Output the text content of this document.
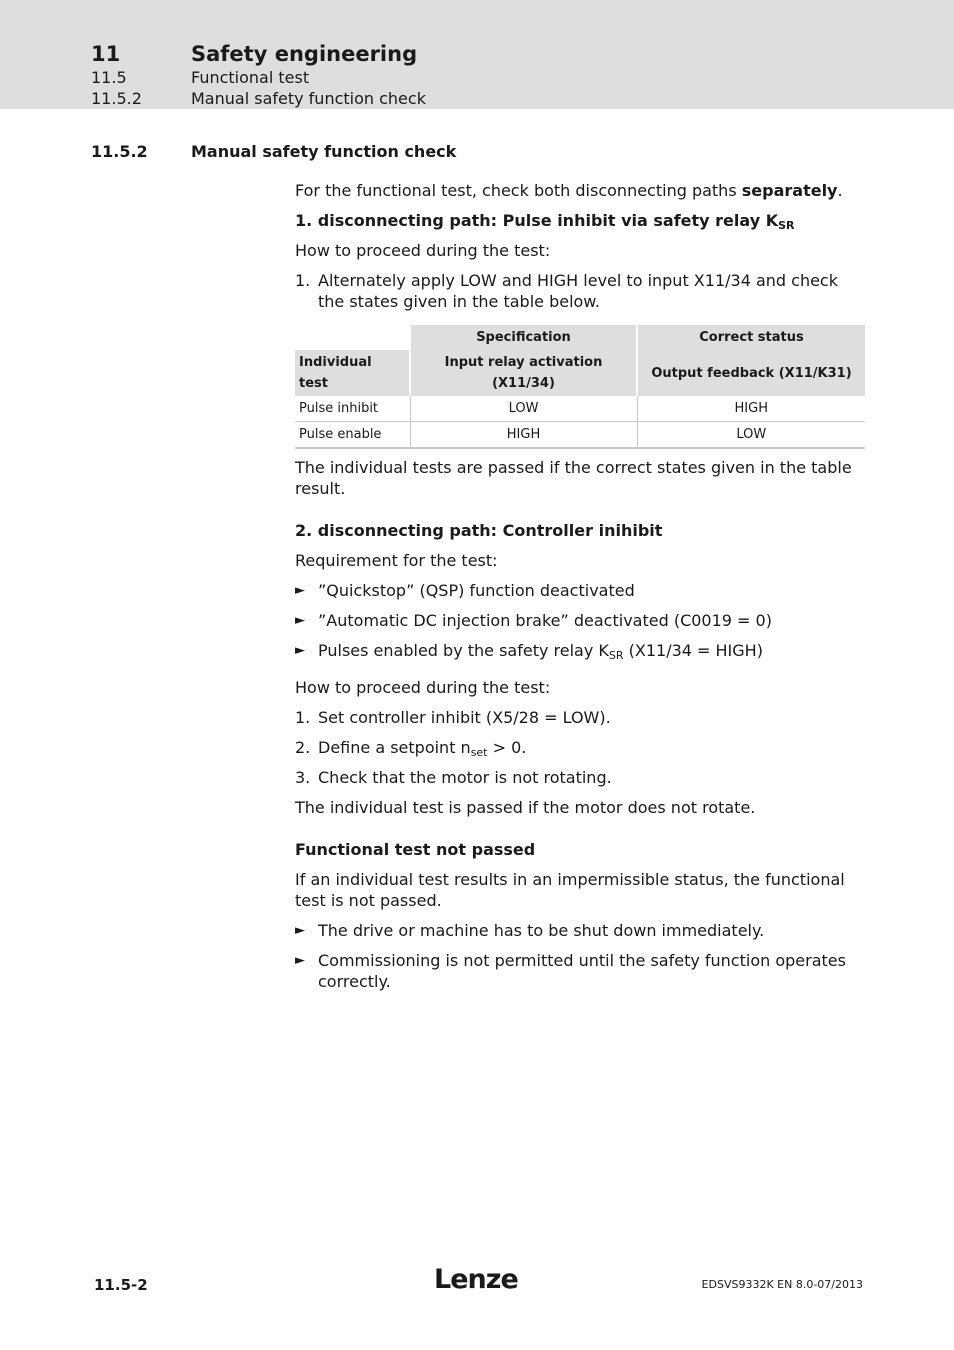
11	Safety engineering
11.5	Functional test
11.5.2	Manual safety function check
11.5.2	Manual safety function check

For the functional test, check both disconnecting paths separately.

1. disconnecting path: Pulse inhibit via safety relay $K_{SR}$

How to proceed during the test:

1. Alternately apply LOW and HIGH level to input X11/34 and check the states given in the table below.
	Specification	Correct status
Individual test	Input relay activation (X11/34)	Output feedback (X11/K31)
Pulse inhibit	LOW	HIGH
Pulse enable	HIGH	LOW

The individual tests are passed if the correct states given in the table result.

2. disconnecting path: Controller inihibit

Requirement for the test:

► ”Quickstop” (QSP) function deactivated
► ”Automatic DC injection brake” deactivated (C0019 = 0)
► Pulses enabled by the safety relay $K_{SR}$ (X11/34 = HIGH)

How to proceed during the test:

1. Set controller inhibit (X5/28 = LOW).
2. Define a setpoint $n_{set} > 0$.
3. Check that the motor is not rotating.

The individual test is passed if the motor does not rotate.

Functional test not passed

If an individual test results in an impermissible status, the functional test is not passed.

► The drive or machine has to be shut down immediately.
► Commissioning is not permitted until the safety function operates correctly.
11.5-2	Lenze	EDSVS9332K EN 8.0-07/2013
